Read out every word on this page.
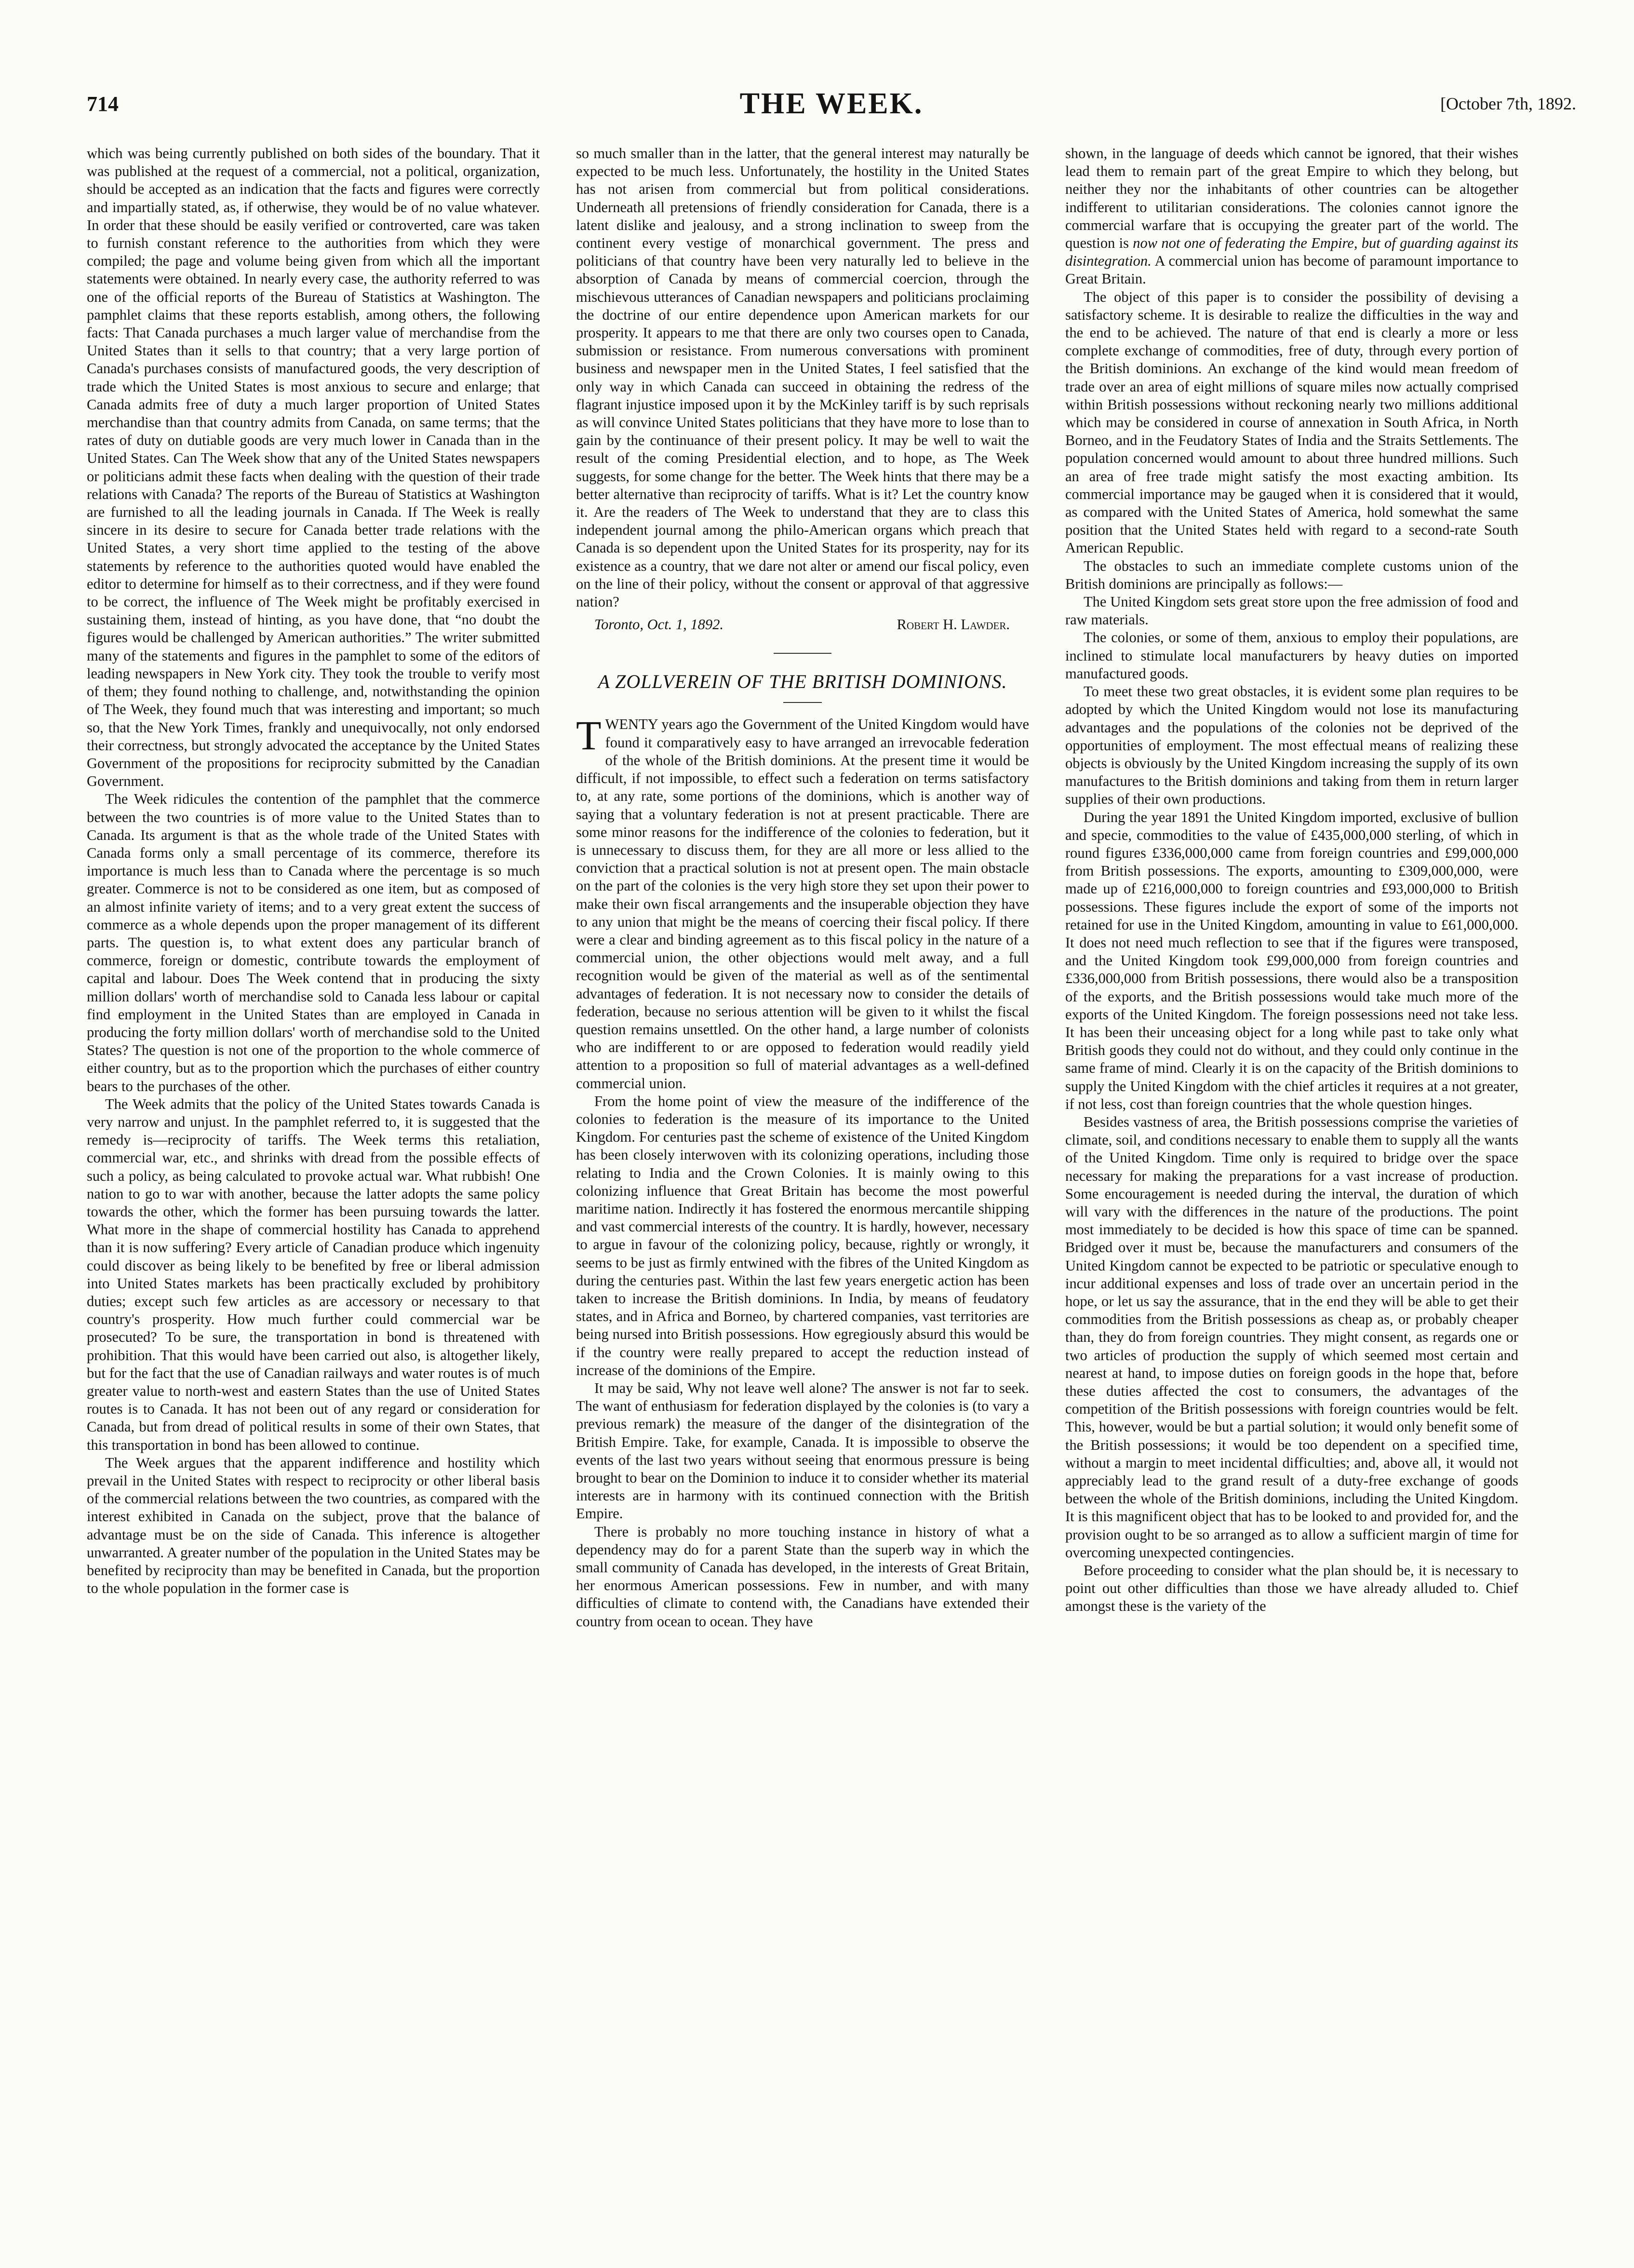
714	THE WEEK.	[October 7th, 1892.

which was being currently published on both sides of the boundary. That it was published at the request of a commercial, not a political, organization, should be accepted as an indication that the facts and figures were correctly and impartially stated, as, if otherwise, they would be of no value whatever. In order that these should be easily verified or controverted, care was taken to furnish constant reference to the authorities from which they were compiled; the page and volume being given from which all the important statements were obtained. In nearly every case, the authority referred to was one of the official reports of the Bureau of Statistics at Washington. The pamphlet claims that these reports establish, among others, the following facts: That Canada purchases a much larger value of merchandise from the United States than it sells to that country; that a very large portion of Canada's purchases consists of manufactured goods, the very description of trade which the United States is most anxious to secure and enlarge; that Canada admits free of duty a much larger proportion of United States merchandise than that country admits from Canada, on same terms; that the rates of duty on dutiable goods are very much lower in Canada than in the United States. Can The Week show that any of the United States newspapers or politicians admit these facts when dealing with the question of their trade relations with Canada? The reports of the Bureau of Statistics at Washington are furnished to all the leading journals in Canada. If The Week is really sincere in its desire to secure for Canada better trade relations with the United States, a very short time applied to the testing of the above statements by reference to the authorities quoted would have enabled the editor to determine for himself as to their correctness, and if they were found to be correct, the influence of The Week might be profitably exercised in sustaining them, instead of hinting, as you have done, that “no doubt the figures would be challenged by American authorities.” The writer submitted many of the statements and figures in the pamphlet to some of the editors of leading newspapers in New York city. They took the trouble to verify most of them; they found nothing to challenge, and, notwithstanding the opinion of The Week, they found much that was interesting and important; so much so, that the New York Times, frankly and unequivocally, not only endorsed their correctness, but strongly advocated the acceptance by the United States Government of the propositions for reciprocity submitted by the Canadian Government.

The Week ridicules the contention of the pamphlet that the commerce between the two countries is of more value to the United States than to Canada. Its argument is that as the whole trade of the United States with Canada forms only a small percentage of its commerce, therefore its importance is much less than to Canada where the percentage is so much greater. Commerce is not to be considered as one item, but as composed of an almost infinite variety of items; and to a very great extent the success of commerce as a whole depends upon the proper management of its different parts. The question is, to what extent does any particular branch of commerce, foreign or domestic, contribute towards the employment of capital and labour. Does The Week contend that in producing the sixty million dollars' worth of merchandise sold to Canada less labour or capital find employment in the United States than are employed in Canada in producing the forty million dollars' worth of merchandise sold to the United States? The question is not one of the proportion to the whole commerce of either country, but as to the proportion which the purchases of either country bears to the purchases of the other.

The Week admits that the policy of the United States towards Canada is very narrow and unjust. In the pamphlet referred to, it is suggested that the remedy is—reciprocity of tariffs. The Week terms this retaliation, commercial war, etc., and shrinks with dread from the possible effects of such a policy, as being calculated to provoke actual war. What rubbish! One nation to go to war with another, because the latter adopts the same policy towards the other, which the former has been pursuing towards the latter. What more in the shape of commercial hostility has Canada to apprehend than it is now suffering? Every article of Canadian produce which ingenuity could discover as being likely to be benefited by free or liberal admission into United States markets has been practically excluded by prohibitory duties; except such few articles as are accessory or necessary to that country's prosperity. How much further could commercial war be prosecuted? To be sure, the transportation in bond is threatened with prohibition. That this would have been carried out also, is altogether likely, but for the fact that the use of Canadian railways and water routes is of much greater value to north-west and eastern States than the use of United States routes is to Canada. It has not been out of any regard or consideration for Canada, but from dread of political results in some of their own States, that this transportation in bond has been allowed to continue.

The Week argues that the apparent indifference and hostility which prevail in the United States with respect to reciprocity or other liberal basis of the commercial relations between the two countries, as compared with the interest exhibited in Canada on the subject, prove that the balance of advantage must be on the side of Canada. This inference is altogether unwarranted. A greater number of the population in the United States may be benefited by reciprocity than may be benefited in Canada, but the proportion to the whole population in the former case is

so much smaller than in the latter, that the general interest may naturally be expected to be much less. Unfortunately, the hostility in the United States has not arisen from commercial but from political considerations. Underneath all pretensions of friendly consideration for Canada, there is a latent dislike and jealousy, and a strong inclination to sweep from the continent every vestige of monarchical government. The press and politicians of that country have been very naturally led to believe in the absorption of Canada by means of commercial coercion, through the mischievous utterances of Canadian newspapers and politicians proclaiming the doctrine of our entire dependence upon American markets for our prosperity. It appears to me that there are only two courses open to Canada, submission or resistance. From numerous conversations with prominent business and newspaper men in the United States, I feel satisfied that the only way in which Canada can succeed in obtaining the redress of the flagrant injustice imposed upon it by the McKinley tariff is by such reprisals as will convince United States politicians that they have more to lose than to gain by the continuance of their present policy. It may be well to wait the result of the coming Presidential election, and to hope, as The Week suggests, for some change for the better. The Week hints that there may be a better alternative than reciprocity of tariffs. What is it? Let the country know it. Are the readers of The Week to understand that they are to class this independent journal among the philo-American organs which preach that Canada is so dependent upon the United States for its prosperity, nay for its existence as a country, that we dare not alter or amend our fiscal policy, even on the line of their policy, without the consent or approval of that aggressive nation?

Toronto, Oct. 1, 1892.	Robert H. Lawder.
A ZOLLVEREIN OF THE BRITISH DOMINIONS.

TWENTY years ago the Government of the United Kingdom would have found it comparatively easy to have arranged an irrevocable federation of the whole of the British dominions. At the present time it would be difficult, if not impossible, to effect such a federation on terms satisfactory to, at any rate, some portions of the dominions, which is another way of saying that a voluntary federation is not at present practicable. There are some minor reasons for the indifference of the colonies to federation, but it is unnecessary to discuss them, for they are all more or less allied to the conviction that a practical solution is not at present open. The main obstacle on the part of the colonies is the very high store they set upon their power to make their own fiscal arrangements and the insuperable objection they have to any union that might be the means of coercing their fiscal policy. If there were a clear and binding agreement as to this fiscal policy in the nature of a commercial union, the other objections would melt away, and a full recognition would be given of the material as well as of the sentimental advantages of federation. It is not necessary now to consider the details of federation, because no serious attention will be given to it whilst the fiscal question remains unsettled. On the other hand, a large number of colonists who are indifferent to or are opposed to federation would readily yield attention to a proposition so full of material advantages as a well-defined commercial union.

From the home point of view the measure of the indifference of the colonies to federation is the measure of its importance to the United Kingdom. For centuries past the scheme of existence of the United Kingdom has been closely interwoven with its colonizing operations, including those relating to India and the Crown Colonies. It is mainly owing to this colonizing influence that Great Britain has become the most powerful maritime nation. Indirectly it has fostered the enormous mercantile shipping and vast commercial interests of the country. It is hardly, however, necessary to argue in favour of the colonizing policy, because, rightly or wrongly, it seems to be just as firmly entwined with the fibres of the United Kingdom as during the centuries past. Within the last few years energetic action has been taken to increase the British dominions. In India, by means of feudatory states, and in Africa and Borneo, by chartered companies, vast territories are being nursed into British possessions. How egregiously absurd this would be if the country were really prepared to accept the reduction instead of increase of the dominions of the Empire.

It may be said, Why not leave well alone? The answer is not far to seek. The want of enthusiasm for federation displayed by the colonies is (to vary a previous remark) the measure of the danger of the disintegration of the British Empire. Take, for example, Canada. It is impossible to observe the events of the last two years without seeing that enormous pressure is being brought to bear on the Dominion to induce it to consider whether its material interests are in harmony with its continued connection with the British Empire.

There is probably no more touching instance in history of what a dependency may do for a parent State than the superb way in which the small community of Canada has developed, in the interests of Great Britain, her enormous American possessions. Few in number, and with many difficulties of climate to contend with, the Canadians have extended their country from ocean to ocean. They have

shown, in the language of deeds which cannot be ignored, that their wishes lead them to remain part of the great Empire to which they belong, but neither they nor the inhabitants of other countries can be altogether indifferent to utilitarian considerations. The colonies cannot ignore the commercial warfare that is occupying the greater part of the world. The question is now not one of federating the Empire, but of guarding against its disintegration. A commercial union has become of paramount importance to Great Britain.

The object of this paper is to consider the possibility of devising a satisfactory scheme. It is desirable to realize the difficulties in the way and the end to be achieved. The nature of that end is clearly a more or less complete exchange of commodities, free of duty, through every portion of the British dominions. An exchange of the kind would mean freedom of trade over an area of eight millions of square miles now actually comprised within British possessions without reckoning nearly two millions additional which may be considered in course of annexation in South Africa, in North Borneo, and in the Feudatory States of India and the Straits Settlements. The population concerned would amount to about three hundred millions. Such an area of free trade might satisfy the most exacting ambition. Its commercial importance may be gauged when it is considered that it would, as compared with the United States of America, hold somewhat the same position that the United States held with regard to a second-rate South American Republic.

The obstacles to such an immediate complete customs union of the British dominions are principally as follows:—

The United Kingdom sets great store upon the free admission of food and raw materials.

The colonies, or some of them, anxious to employ their populations, are inclined to stimulate local manufacturers by heavy duties on imported manufactured goods.

To meet these two great obstacles, it is evident some plan requires to be adopted by which the United Kingdom would not lose its manufacturing advantages and the populations of the colonies not be deprived of the opportunities of employment. The most effectual means of realizing these objects is obviously by the United Kingdom increasing the supply of its own manufactures to the British dominions and taking from them in return larger supplies of their own productions.

During the year 1891 the United Kingdom imported, exclusive of bullion and specie, commodities to the value of £435,000,000 sterling, of which in round figures £336,000,000 came from foreign countries and £99,000,000 from British possessions. The exports, amounting to £309,000,000, were made up of £216,000,000 to foreign countries and £93,000,000 to British possessions. These figures include the export of some of the imports not retained for use in the United Kingdom, amounting in value to £61,000,000. It does not need much reflection to see that if the figures were transposed, and the United Kingdom took £99,000,000 from foreign countries and £336,000,000 from British possessions, there would also be a transposition of the exports, and the British possessions would take much more of the exports of the United Kingdom. The foreign possessions need not take less. It has been their unceasing object for a long while past to take only what British goods they could not do without, and they could only continue in the same frame of mind. Clearly it is on the capacity of the British dominions to supply the United Kingdom with the chief articles it requires at a not greater, if not less, cost than foreign countries that the whole question hinges.

Besides vastness of area, the British possessions comprise the varieties of climate, soil, and conditions necessary to enable them to supply all the wants of the United Kingdom. Time only is required to bridge over the space necessary for making the preparations for a vast increase of production. Some encouragement is needed during the interval, the duration of which will vary with the differences in the nature of the productions. The point most immediately to be decided is how this space of time can be spanned. Bridged over it must be, because the manufacturers and consumers of the United Kingdom cannot be expected to be patriotic or speculative enough to incur additional expenses and loss of trade over an uncertain period in the hope, or let us say the assurance, that in the end they will be able to get their commodities from the British possessions as cheap as, or probably cheaper than, they do from foreign countries. They might consent, as regards one or two articles of production the supply of which seemed most certain and nearest at hand, to impose duties on foreign goods in the hope that, before these duties affected the cost to consumers, the advantages of the competition of the British possessions with foreign countries would be felt. This, however, would be but a partial solution; it would only benefit some of the British possessions; it would be too dependent on a specified time, without a margin to meet incidental difficulties; and, above all, it would not appreciably lead to the grand result of a duty-free exchange of goods between the whole of the British dominions, including the United Kingdom. It is this magnificent object that has to be looked to and provided for, and the provision ought to be so arranged as to allow a sufficient margin of time for overcoming unexpected contingencies.

Before proceeding to consider what the plan should be, it is necessary to point out other difficulties than those we have already alluded to. Chief amongst these is the variety of the
